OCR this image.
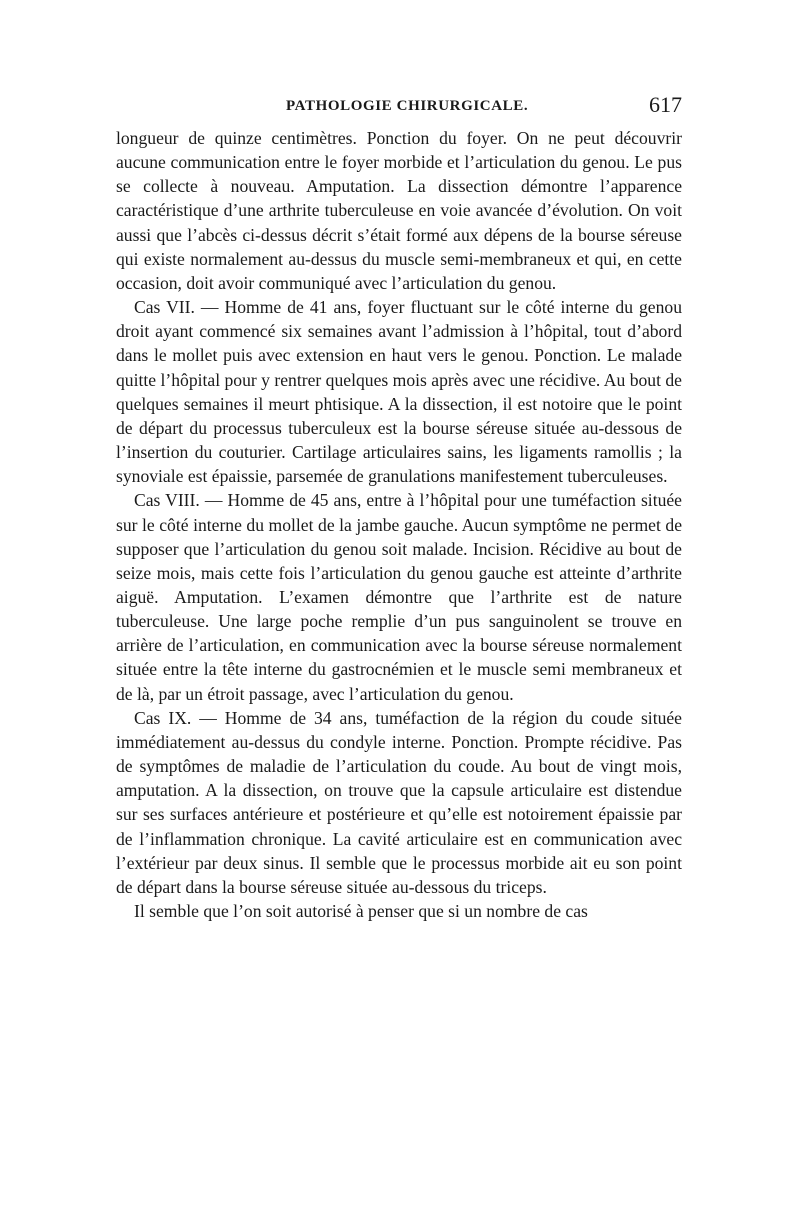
PATHOLOGIE CHIRURGICALE.	617

longueur de quinze centimètres. Ponction du foyer. On ne peut découvrir aucune communication entre le foyer morbide et l’articulation du genou. Le pus se collecte à nouveau. Amputation. La dissection démontre l’apparence caractéristique d’une arthrite tuberculeuse en voie avancée d’évolution. On voit aussi que l’abcès ci-dessus décrit s’était formé aux dépens de la bourse séreuse qui existe normalement au-dessus du muscle semi-membraneux et qui, en cette occasion, doit avoir communiqué avec l’articulation du genou.

Cas VII. — Homme de 41 ans, foyer fluctuant sur le côté interne du genou droit ayant commencé six semaines avant l’admission à l’hôpital, tout d’abord dans le mollet puis avec extension en haut vers le genou. Ponction. Le malade quitte l’hôpital pour y rentrer quelques mois après avec une récidive. Au bout de quelques semaines il meurt phtisique. A la dissection, il est notoire que le point de départ du processus tuberculeux est la bourse séreuse située au-dessous de l’insertion du couturier. Cartilage articulaires sains, les ligaments ramollis ; la synoviale est épaissie, parsemée de granulations manifestement tuberculeuses.

Cas VIII. — Homme de 45 ans, entre à l’hôpital pour une tuméfaction située sur le côté interne du mollet de la jambe gauche. Aucun symptôme ne permet de supposer que l’articulation du genou soit malade. Incision. Récidive au bout de seize mois, mais cette fois l’articulation du genou gauche est atteinte d’arthrite aiguë. Amputation. L’examen démontre que l’arthrite est de nature tuberculeuse. Une large poche remplie d’un pus sanguinolent se trouve en arrière de l’articulation, en communication avec la bourse séreuse normalement située entre la tête interne du gastrocnémien et le muscle semi membraneux et de là, par un étroit passage, avec l’articulation du genou.

Cas IX. — Homme de 34 ans, tuméfaction de la région du coude située immédiatement au-dessus du condyle interne. Ponction. Prompte récidive. Pas de symptômes de maladie de l’articulation du coude. Au bout de vingt mois, amputation. A la dissection, on trouve que la capsule articulaire est distendue sur ses surfaces antérieure et postérieure et qu’elle est notoirement épaissie par de l’inflammation chronique. La cavité articulaire est en communication avec l’extérieur par deux sinus. Il semble que le processus morbide ait eu son point de départ dans la bourse séreuse située au-dessous du triceps.

Il semble que l’on soit autorisé à penser que si un nombre de cas
